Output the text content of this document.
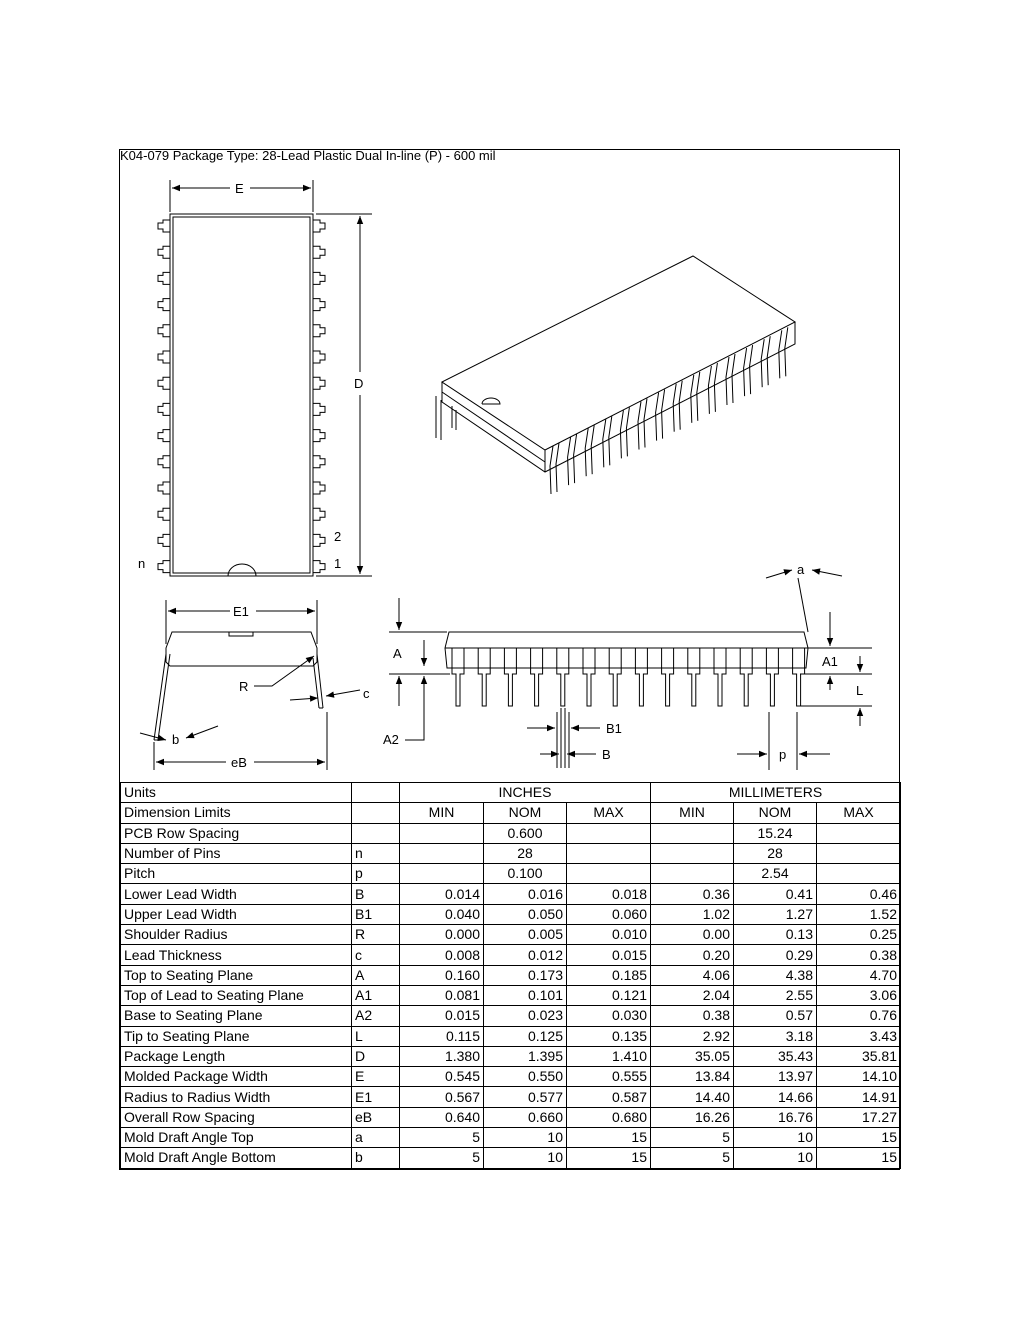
K04-079 Package Type: 28-Lead Plastic Dual In-line (P) - 600 mil
E
D
n	1
2
E1
R	c
b
eB
A
A2
B1
B	p
a
A1
L
Units		INCHES			MILLIMETERS		
Dimension Limits		MIN	NOM	MAX	MIN	NOM	MAX
PCB Row Spacing			0.600			15.24	
Number of Pins	n		28			28	
Pitch	p		0.100			2.54	
Lower Lead Width	B	0.014	0.016	0.018	0.36	0.41	0.46
Upper Lead Width	B1	0.040	0.050	0.060	1.02	1.27	1.52
Shoulder Radius	R	0.000	0.005	0.010	0.00	0.13	0.25
Lead Thickness	c	0.008	0.012	0.015	0.20	0.29	0.38
Top to Seating Plane	A	0.160	0.173	0.185	4.06	4.38	4.70
Top of Lead to Seating Plane	A1	0.081	0.101	0.121	2.04	2.55	3.06
Base to Seating Plane	A2	0.015	0.023	0.030	0.38	0.57	0.76
Tip to Seating Plane	L	0.115	0.125	0.135	2.92	3.18	3.43
Package Length	D	1.380	1.395	1.410	35.05	35.43	35.81
Molded Package Width	E	0.545	0.550	0.555	13.84	13.97	14.10
Radius to Radius Width	E1	0.567	0.577	0.587	14.40	14.66	14.91
Overall Row Spacing	eB	0.640	0.660	0.680	16.26	16.76	17.27
Mold Draft Angle Top	a	5	10	15	5	10	15
Mold Draft Angle Bottom	b	5	10	15	5	10	15
